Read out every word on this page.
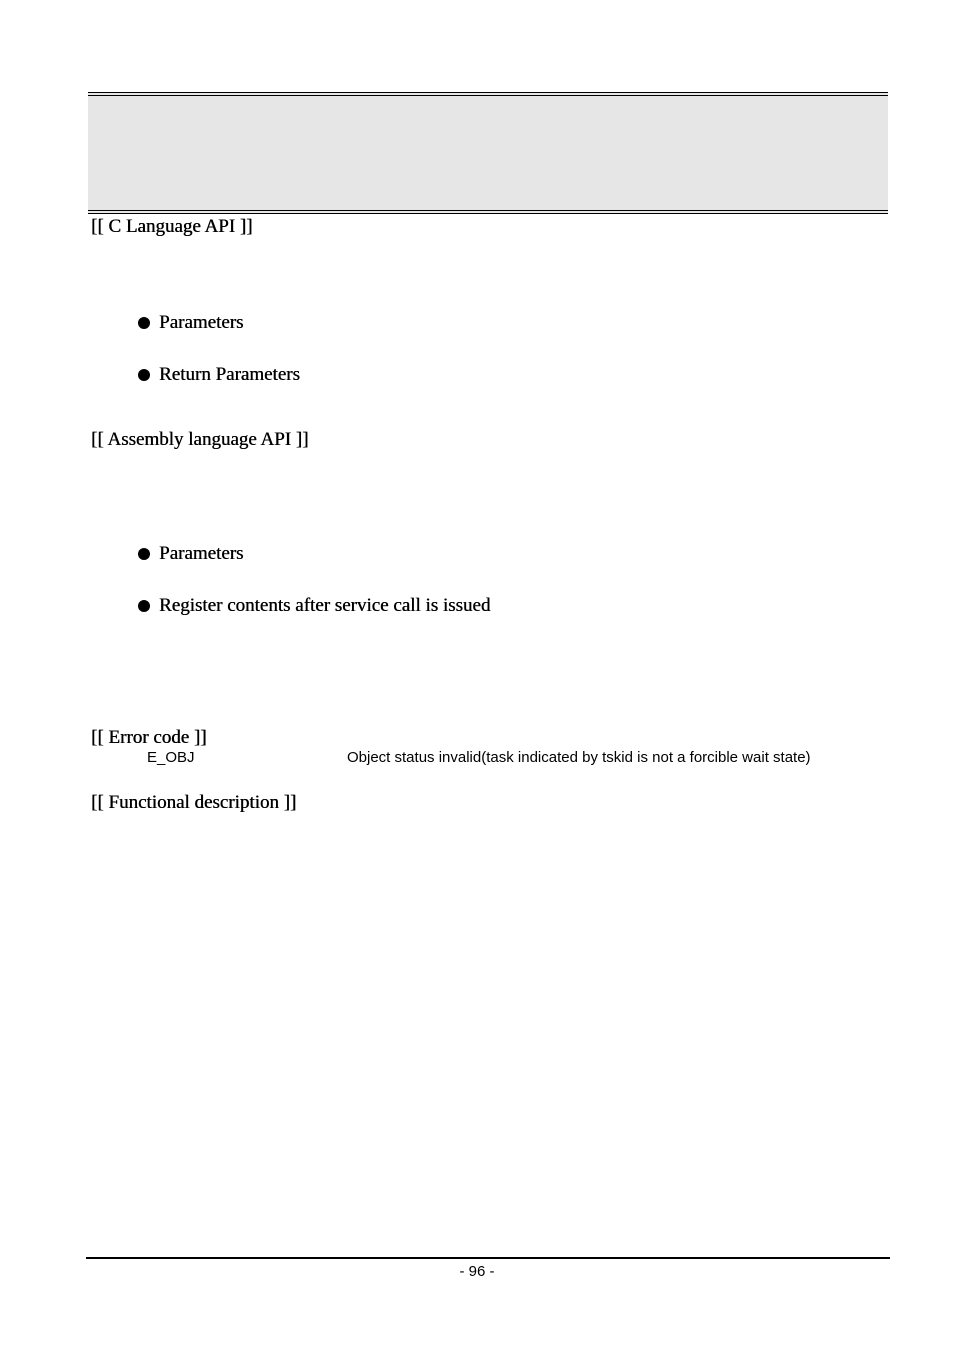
[[ C Language API ]]
Parameters
Return Parameters
[[ Assembly language API ]]
Parameters
Register contents after service call is issued
[[ Error code ]]
E_OBJ	Object status invalid(task indicated by tskid is not a forcible wait state)
[[ Functional description ]]
- 96 -
